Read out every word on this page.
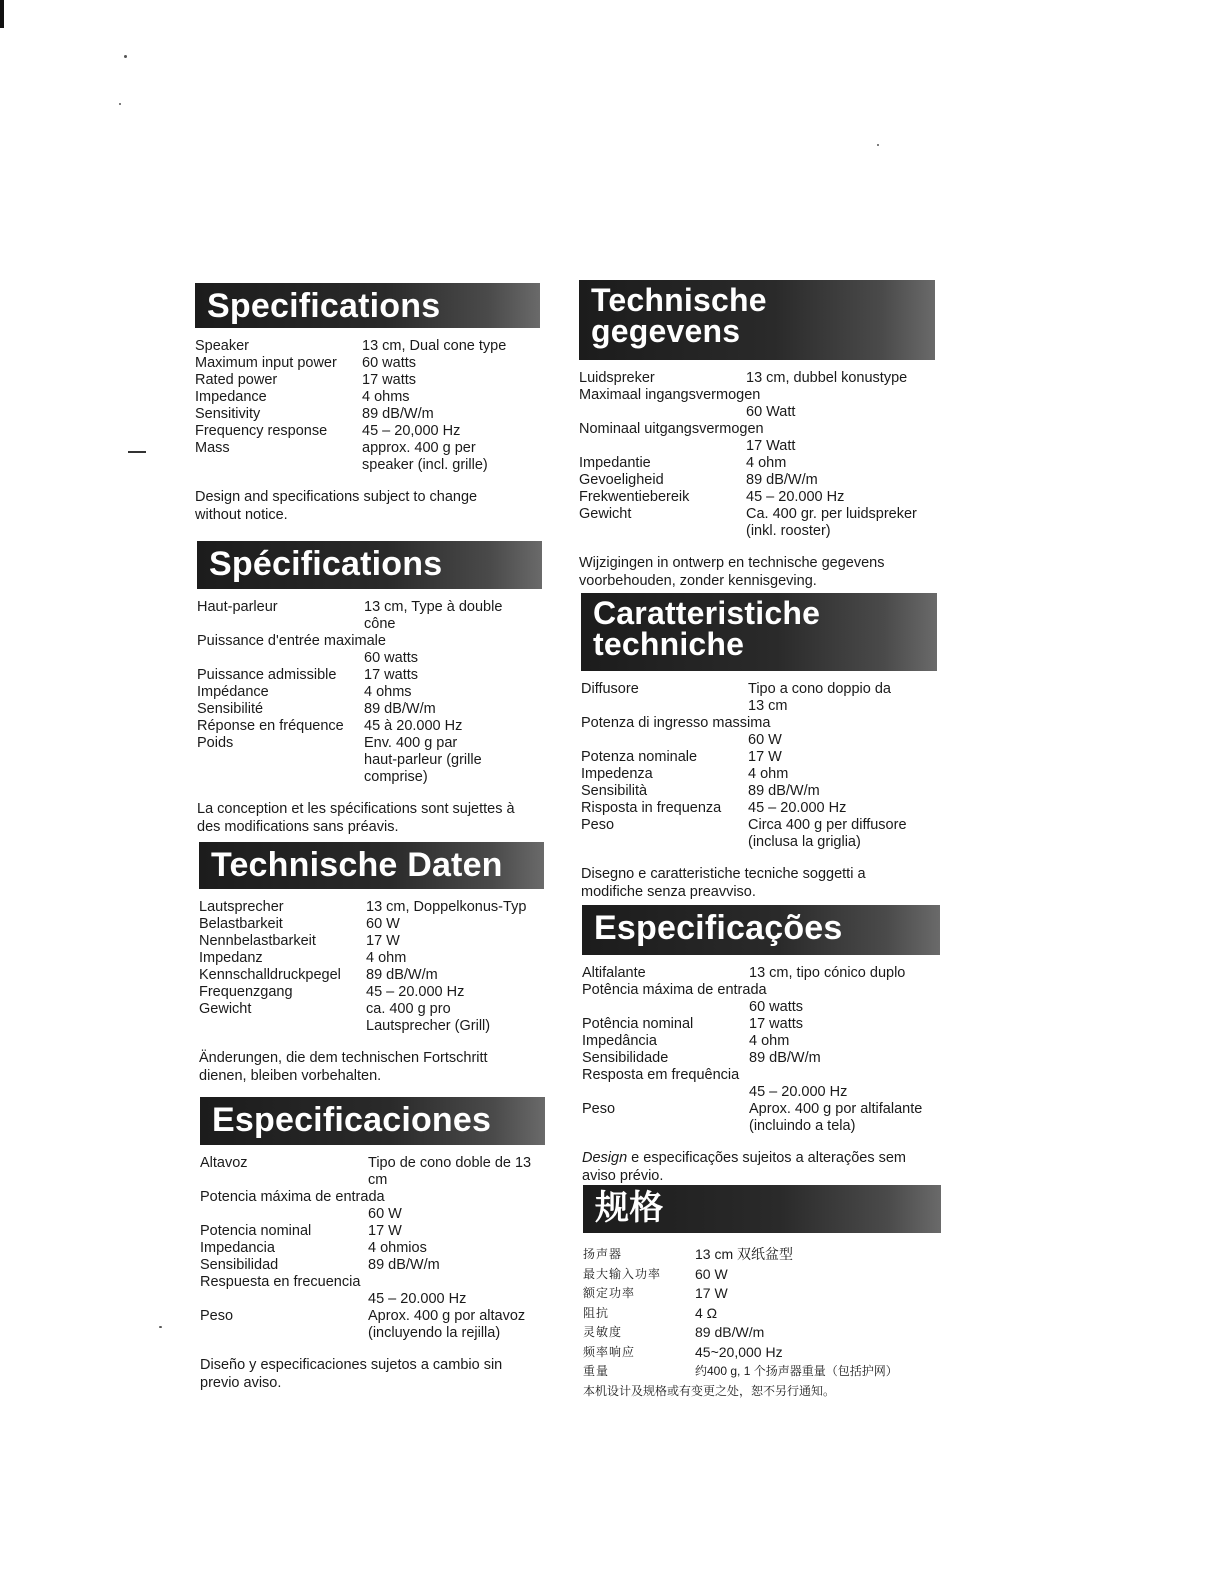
Specifications
Speaker	13 cm, Dual cone type
Maximum input power	60 watts
Rated power	17 watts
Impedance	4 ohms
Sensitivity	89 dB/W/m
Frequency response	45 – 20,000 Hz
Mass	approx. 400 g per speaker (incl. grille)
Design and specifications subject to change without notice.
Spécifications
Haut-parleur	13 cm, Type à double cône
Puissance d'entrée maximale
60 watts
Puissance admissible	17 watts
Impédance	4 ohms
Sensibilité	89 dB/W/m
Réponse en fréquence	45 à 20.000 Hz
Poids	Env. 400 g par haut-parleur (grille comprise)
La conception et les spécifications sont sujettes à des modifications sans préavis.
Technische Daten
Lautsprecher	13 cm, Doppelkonus-Typ
Belastbarkeit	60 W
Nennbelastbarkeit	17 W
Impedanz	4 ohm
Kennschalldruckpegel	89 dB/W/m
Frequenzgang	45 – 20.000 Hz
Gewicht	ca. 400 g pro Lautsprecher (Grill)
Änderungen, die dem technischen Fortschritt dienen, bleiben vorbehalten.
Especificaciones
Altavoz	Tipo de cono doble de 13 cm
Potencia máxima de entrada
60 W
Potencia nominal	17 W
Impedancia	4 ohmios
Sensibilidad	89 dB/W/m
Respuesta en frecuencia
45 – 20.000 Hz
Peso	Aprox. 400 g por altavoz (incluyendo la rejilla)
Diseño y especificaciones sujetos a cambio sin previo aviso.
Technische
gegevens
Luidspreker	13 cm, dubbel konustype
Maximaal ingangsvermogen
60 Watt
Nominaal uitgangsvermogen
17 Watt
Impedantie	4 ohm
Gevoeligheid	89 dB/W/m
Frekwentiebereik	45 – 20.000 Hz
Gewicht	Ca. 400 gr. per luidspreker (inkl. rooster)
Wijzigingen in ontwerp en technische gegevens voorbehouden, zonder kennisgeving.
Caratteristiche
techniche
Diffusore	Tipo a cono doppio da 13 cm
Potenza di ingresso massima
60 W
Potenza nominale	17 W
Impedenza	4 ohm
Sensibilità	89 dB/W/m
Risposta in frequenza	45 – 20.000 Hz
Peso	Circa 400 g per diffusore (inclusa la griglia)
Disegno e caratteristiche tecniche soggetti a modifiche senza preavviso.
Especificações
Altifalante	13 cm, tipo cónico duplo
Potência máxima de entrada
60 watts
Potência nominal	17 watts
Impedância	4 ohm
Sensibilidade	89 dB/W/m
Resposta em frequência
45 – 20.000 Hz
Peso	Aprox. 400 g por altifalante (incluindo a tela)
Design e especificações sujeitos a alterações sem aviso prévio.
规格
扬声器	13 cm 双纸盆型
最大输入功率	60 W
额定功率	17 W
阻抗	4 Ω
灵敏度	89 dB/W/m
频率响应	45~20,000 Hz
重量	约400 g, 1 个扬声器重量（包括护网）
本机设计及规格或有变更之处，恕不另行通知。
